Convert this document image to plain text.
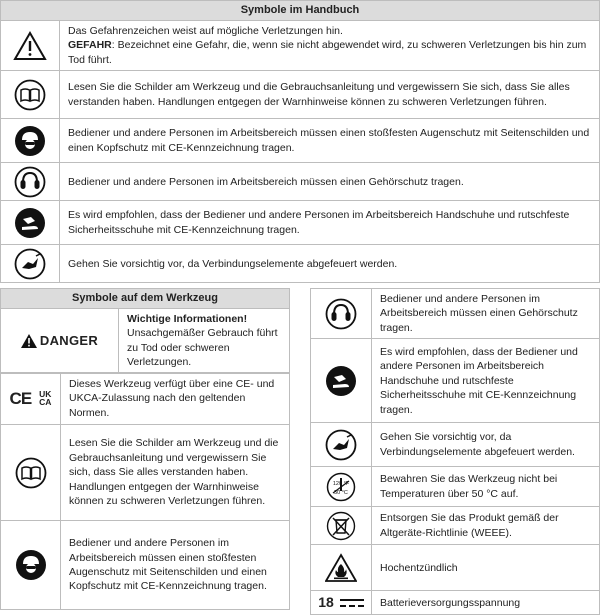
Symbole im Handbuch	

Das Gefahrenzeichen weist auf mögliche Verletzungen hin.
GEFAHR: Bezeichnet eine Gefahr, die, wenn sie nicht abgewendet wird, zu schweren Verletzungen bis hin zum Tod führt.

	Lesen Sie die Schilder am Werkzeug und die Gebrauchsanleitung und vergewissern Sie sich, dass Sie alles verstanden haben. Handlungen entgegen der Warnhinweise können zu schweren Verletzungen führen.

	Bediener und andere Personen im Arbeitsbereich müssen einen stoßfesten Augenschutz mit Seitenschilden und einen Kopfschutz mit CE-Kennzeichnung tragen.

	Bediener und andere Personen im Arbeitsbereich müssen einen Gehörschutz tragen.

	Es wird empfohlen, dass der Bediener und andere Personen im Arbeitsbereich Handschuhe und rutschfeste Sicherheitsschuhe mit CE-Kennzeichnung tragen.

	Gehen Sie vorsichtig vor, da Verbindungselemente abgefeuert werden.
Symbole auf dem Werkzeug

DANGER

Wichtige Informationen!
Unsachgemäßer Gebrauch führt zu Tod oder schweren Verletzungen.
CE UK
CA	Dieses Werkzeug verfügt über eine CE- und UKCA-Zulassung nach den geltenden Normen.

	Lesen Sie die Schilder am Werkzeug und die Gebrauchsanleitung und vergewissern Sie sich, dass Sie alles verstanden haben. Handlungen entgegen der Warnhinweise können zu schweren Verletzungen führen.

	Bediener und andere Personen im Arbeitsbereich müssen einen stoßfesten Augenschutz mit Seitenschilden und einen Kopfschutz mit CE-Kennzeichnung tragen.
	Bediener und andere Personen im Arbeitsbereich müssen einen Gehörschutz tragen.

	Es wird empfohlen, dass der Bediener und andere Personen im Arbeitsbereich Handschuhe und rutschfeste Sicherheitsschuhe mit CE-Kennzeichnung tragen.

	Gehen Sie vorsichtig vor, da Verbindungselemente abgefeuert werden.

120 °F
50 °C	Bewahren Sie das Werkzeug nicht bei Temperaturen über 50 °C auf.

	Entsorgen Sie das Produkt gemäß der Altgeräte-Richtlinie (WEEE).

	Hochentzündlich

18	Batterieversorgungsspannung
